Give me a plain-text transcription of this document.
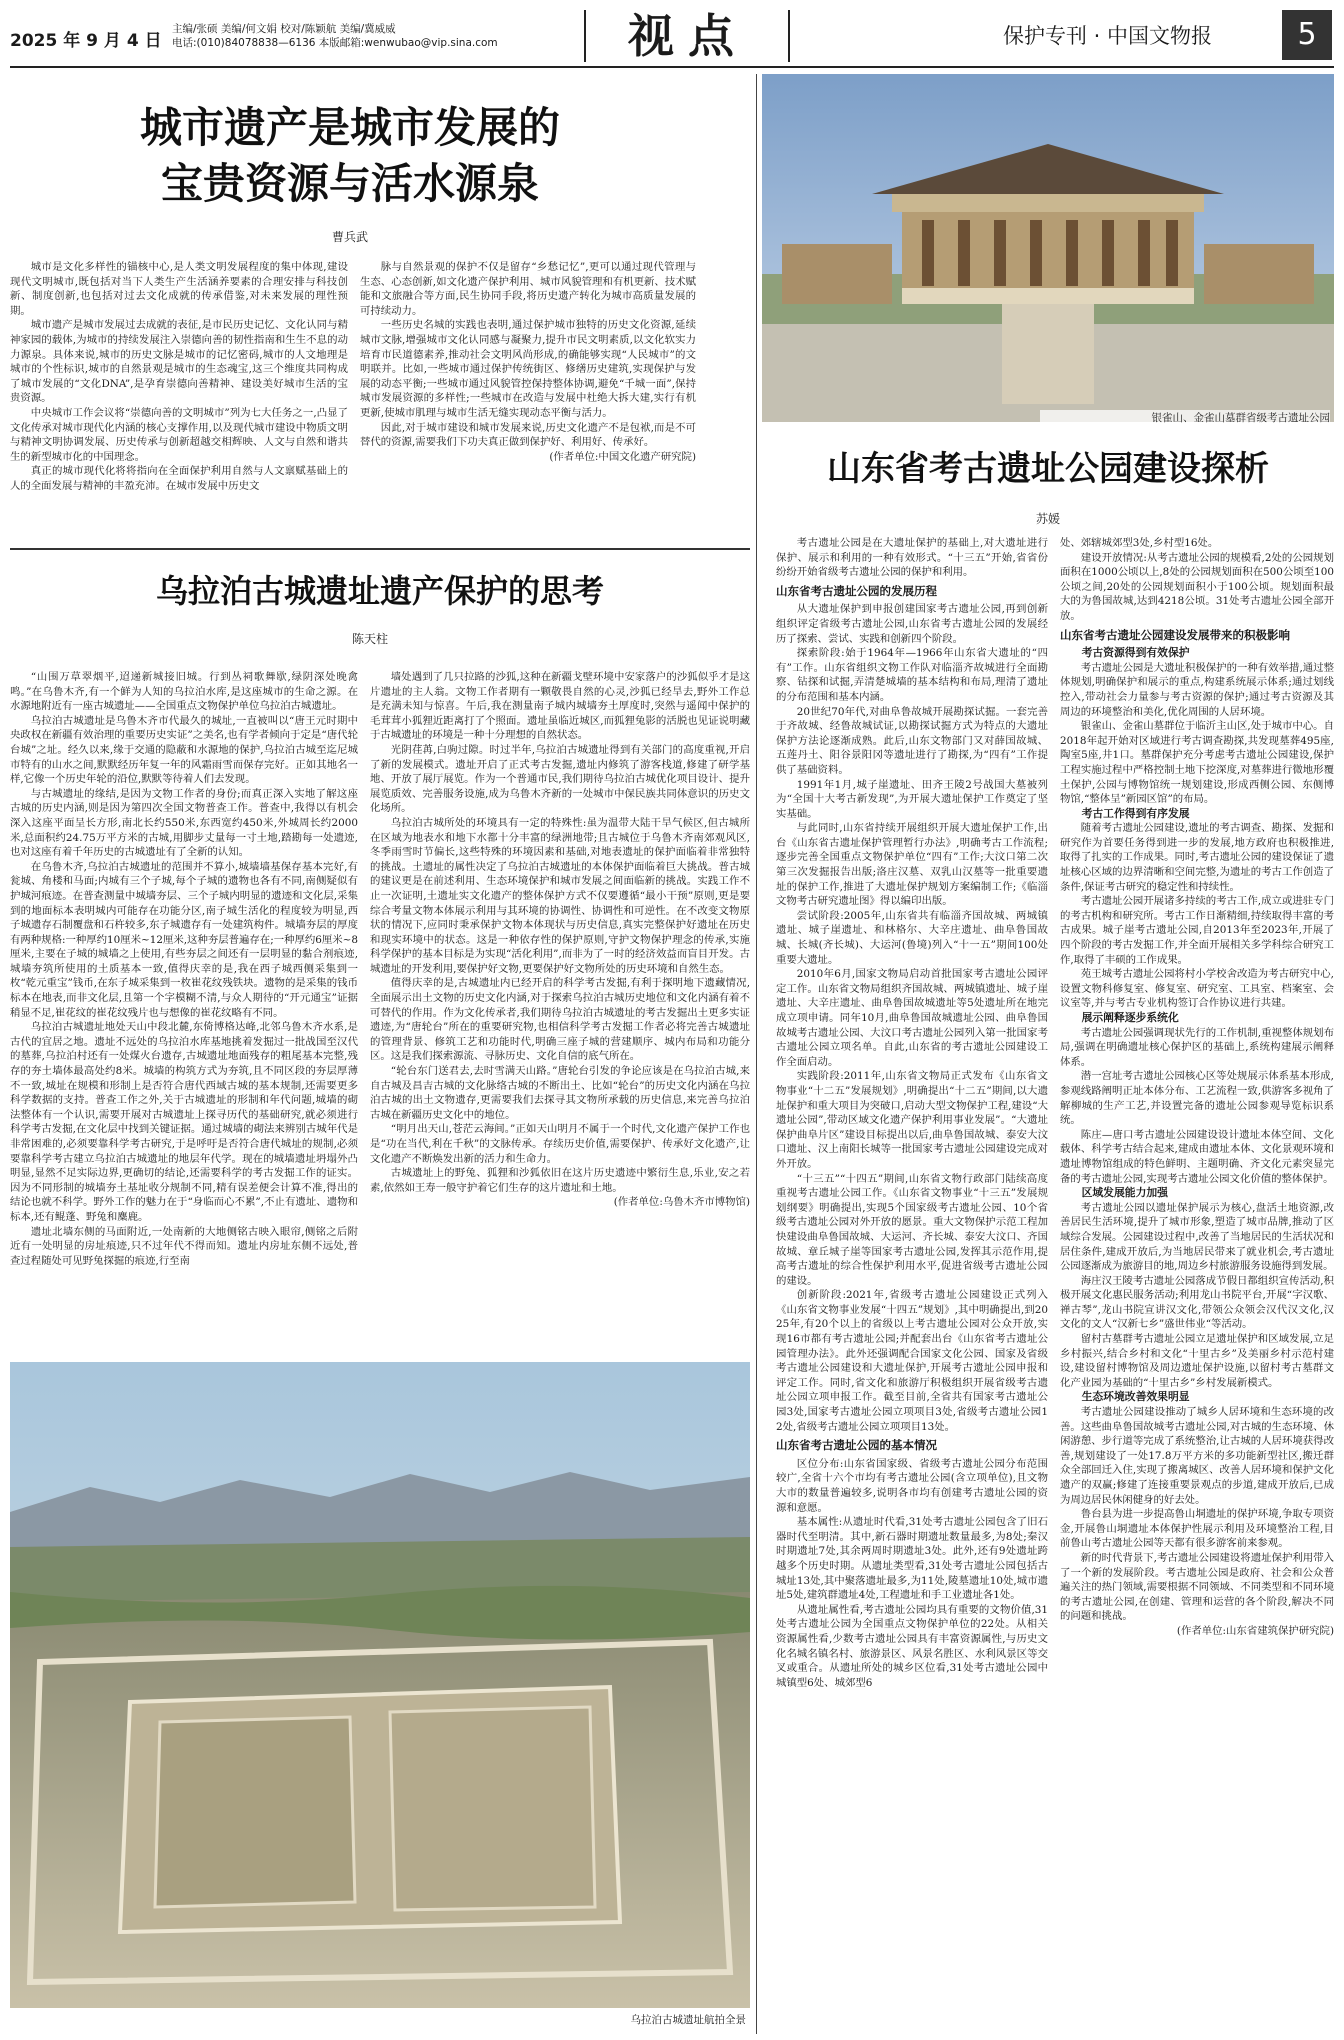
2025 年 9 月 4 日
主编/张硕 美编/何文娟 校对/陈颖航 美编/冀威威
电话:(010)84078838—6136 本版邮箱:wenwubao@vip.sina.com	视点	保护专刊 · 中国文物报	5
城市遗产是城市发展的
宝贵资源与活水源泉
曹兵武

城市是文化多样性的锚核中心,是人类文明发展程度的集中体现,建设现代文明城市,既包括对当下人类生产生活涵养要素的合理安排与科技创新、制度创新,也包括对过去文化成就的传承借鉴,对未来发展的理性预期。

城市遗产是城市发展过去成就的表征,是市民历史记忆、文化认同与精神家园的载体,为城市的持续发展注入崇德向善的韧性指南和生生不息的动力源泉。具体来说,城市的历史文脉是城市的记忆密码,城市的人文地理是城市的个性标识,城市的自然景观是城市的生态魂宝,这三个维度共同构成了城市发展的“文化DNA”,是孕育崇德向善精神、建设美好城市生活的宝贵资源。

中央城市工作会议将“崇德向善的文明城市”列为七大任务之一,凸显了文化传承对城市现代化内涵的核心支撑作用,以及现代城市建设中物质文明与精神文明协调发展、历史传承与创新超越交相辉映、人文与自然和谐共生的新型城市化的中国理念。

真正的城市现代化将将指向在全面保护利用自然与人文禀赋基础上的人的全面发展与精神的丰盈充沛。在城市发展中历史文

脉与自然景观的保护不仅是留存“乡愁记忆”,更可以通过现代管理与生态、心态创新,如文化遗产保护利用、城市风貌管理和有机更新、技术赋能和文旅融合等方面,民生协同手段,将历史遗产转化为城市高质量发展的可持续动力。

一些历史名城的实践也表明,通过保护城市独特的历史文化资源,延续城市文脉,增强城市文化认同感与凝聚力,提升市民文明素质,以文化软实力培育市民道德素养,推动社会文明风尚形成,的确能够实现“人民城市”的文明联并。比如,一些城市通过保护传统街区、修缮历史建筑,实现保护与发展的动态平衡;一些城市通过风貌管控保持整体协调,避免“千城一面”,保持城市发展资源的多样性;一些城市在改造与发展中杜绝大拆大建,实行有机更新,使城市肌理与城市生活无缝实现动态平衡与活力。

因此,对于城市建设和城市发展来说,历史文化遗产不是包袱,而是不可替代的资源,需要我们下功夫真正做到保护好、利用好、传承好。

(作者单位:中国文化遗产研究院)

乌拉泊古城遗址遗产保护的思考
陈天柱

“山围万草翠烟平,迢递新城接旧城。行到丛祠歌舞歇,绿阴深处晚禽鸣。”在乌鲁木齐,有一个鲜为人知的乌拉泊水库,是这座城市的生命之源。在水源地附近有一座古城遗址——全国重点文物保护单位乌拉泊古城遗址。

乌拉泊古城遗址是乌鲁木齐市代最久的城址,一直被叫以“唐王元时期中央政权在新疆有效治理的重要历史实证”之美名,也有学者倾向于定是“唐代轮台城”之址。经久以来,缘于交通的隐蔽和水源地的保护,乌拉泊古城至迄尼城市特有的山水之间,默默经历年复一年的风霜雨雪而保存完好。正如其地名一样,它像一个历史年轮的沿位,默默等待着人们去发现。

与古城遗址的缘结,是因为文物工作者的身份;而真正深入实地了解这座古城的历史内涵,则是因为第四次全国文物普查工作。普查中,我得以有机会深入这座平面呈长方形,南北长约550米,东西宽约450米,外城周长约2000米,总面积约24.75万平方米的古城,用脚步丈量每一寸土地,踏勘每一处遗迹,也对这座有着千年历史的古城遗址有了全新的认知。

在乌鲁木齐,乌拉泊古城遗址的范围并不算小,城墙墙基保存基本完好,有瓮城、角楼和马面;内城有三个子城,每个子城的遗物也各有不同,南侧疑似有护城河痕迹。在普查测量中城墙夯层、三个子城内明显的遗迹和文化层,采集到的地面标本表明城内可能存在功能分区,南子城生活化的程度较为明显,西子城遗存石制覆盘和石杵较多,东子城遗存有一处建筑构件。城墙夯层的厚度有两种规格:一种厚约10厘米~12厘米,这种夯层普遍存在;一种厚约6厘米~8厘米,主要在子城的城墙之上使用,有些夯层之间还有一层明显的黏合剂痕迹,城墙夯筑所使用的土质基本一致,值得庆幸的是,我在西子城西侧采集到一枚“乾元重宝”钱币,在东子城采集到一枚崔花纹残铁块。遗物的是采集的钱币标本在地表,而非文化层,且第一个字模糊不清,与众人期待的“开元通宝”证据稍显不足,崔花纹的崔花纹残片也与想像的崔花纹略有不同。

乌拉泊古城遗址地处天山中段北麓,东倚博格达峰,北邻乌鲁木齐水系,是古代的宜居之地。遗址不远处的乌拉泊水库基地挑着发掘过一批战国至汉代的墓葬,乌拉泊村还有一处煤火台遗存,古城遗址地面残存的粗尾基本完整,残存的夯土墙体最高处约8米。城墙的构筑方式为夯筑,且不同区段的夯层厚薄不一致,城址在规模和形制上是否符合唐代西域古城的基本规制,还需要更多科学数据的支持。普查工作之外,关于古城遗址的形制和年代问题,城墙的砌法整体有一个认识,需要开展对古城遗址上探寻历代的基础研究,就必须进行科学考古发掘,在文化层中找到关键证据。通过城墙的砌法来辨别古城年代是非常困难的,必须要靠科学考古研究,于是呼吁是否符合唐代城址的规制,必须要靠科学考古建立乌拉泊古城遗址的地层年代学。现在的城墙遗址坍塌外凸明显,显然不足实际边界,更确切的结论,还需要科学的考古发掘工作的证实。因为不同形制的城墙夯土基址收分规制不同,精有误差便会计算不准,得出的结论也就不科学。野外工作的魅力在于“身临而心不累”,不止有遗址、遗物和标本,还有鲲蓬、野兔和麋鹿。

遗址北墙东侧的马面附近,一处南新的大地侧铭古映入眼帘,侧铭之后附近有一处明显的房址痕迹,只不过年代不得而知。遗址内房址东侧不远处,普查过程随处可见野兔探掘的痕迹,行至南

墙处遇到了几只拉路的沙狐,这种在新疆戈壁环境中安家落户的沙狐似乎才是这片遗址的主人翁。文物工作者期有一颗敬畏自然的心灵,沙狐已经旱去,野外工作总是充满未知与惊喜。午后,我在测量南子城内城墙夯土厚度时,突然与遥闻中保护的毛茸茸小狐狸近距离打了个照面。遗址虽临近城区,而狐狸兔影的活脱也见证说明藏于古城遗址的环境是一种十分理想的自然状态。

光阴荏苒,白驹过隙。时过半年,乌拉泊古城遗址得到有关部门的高度重视,开启了新的发展模式。遗址开启了正式考古发掘,遗址内修筑了游客栈道,修建了研学基地、开放了展厅展览。作为一个普通市民,我们期待乌拉泊古城优化项目设计、提升展览质效、完善服务设施,成为乌鲁木齐新的一处城市中保民族共同体意识的历史文化场所。

乌拉泊古城所处的环境具有一定的特殊性:虽为温带大陆干旱气候区,但古城所在区域为地表水和地下水都十分丰富的绿洲地带;且古城位于乌鲁木齐南郊观风区,冬季雨雪时节偏长,这些特殊的环境因素和基础,对地表遗址的保护面临着非常独特的挑战。土遗址的属性决定了乌拉泊古城遗址的本体保护面临着巨大挑战。普古城的建议更是在前述利用、生态环境保护和城市发展之间面临新的挑战。实践工作不止一次证明,土遗址实文化遗产的整体保护方式不仅要遵循“最小干预”原则,更是要综合考量文物本体展示利用与其环境的协调性、协调性和可逆性。在不改变文物原状的情况下,应同时秉承保护文物本体现状与历史信息,真实完整保护好遗址在历史和现实环境中的状态。这是一种依存性的保护原则,守护文物保护理念的传承,实施科学保护的基本目标是为实现“活化利用”,而非为了一时的经济效益而盲目开发。古城遗址的开发利用,要保护好文物,更要保护好文物所处的历史环境和自然生态。

值得庆幸的是,古城遗址内已经开启的科学考古发掘,有利于探明地下遗藏情况,全面展示出土文物的历史文化内涵,对于探索乌拉泊古城历史地位和文化内涵有着不可替代的作用。作为文化传承者,我们期待乌拉泊古城遗址的考古发掘出土更多实证遗迹,为“唐轮台”所在的重要研究物,也相信科学考古发掘工作者必将完善古城遗址的管理背景、修筑工艺和功能时代,明确三座子城的营建顺序、城内布局和功能分区。这是我们探索源流、寻脉历史、文化自信的底气所在。

“轮台东门送君去,去时雪满天山路。”唐轮台引发的争论应该是在乌拉泊古城,来自古城及昌吉古城的文化脉络古城的不断出土、比如“轮台”的历史文化内涵在乌拉泊古城的出土文物遗存,更需要我们去探寻其文物所承载的历史信息,来完善乌拉泊古城在新疆历史文化中的地位。

“明月出天山,苍茫云海间。”正如天山明月不属于一个时代,文化遗产保护工作也是“功在当代,利在千秋”的文脉传承。存续历史价值,需要保护、传承好文化遗产,让文化遗产不断焕发出新的活力和生命力。

古城遗址上的野兔、狐狸和沙狐依旧在这片历史遗迹中繁衍生息,乐业,安之若素,依然如王寿一般守护着它们生存的这片遗址和土地。

(作者单位:乌鲁木齐市博物馆)

乌拉泊古城遗址航拍全景
银雀山、金雀山墓群省级考古遗址公园
山东省考古遗址公园建设探析
苏媛

考古遗址公园是在大遗址保护的基础上,对大遗址进行保护、展示和利用的一种有效形式。“十三五”开始,省省份纷纷开始省级考古遗址公园的保护和利用。

山东省考古遗址公园的发展历程

从大遗址保护到申报创建国家考古遗址公园,再到创新组织评定省级考古遗址公园,山东省考古遗址公园的发展经历了探索、尝试、实践和创新四个阶段。

探索阶段:始于1964年—1966年山东省大遗址的“四有”工作。山东省组织文物工作队对临淄齐故城进行全面勘察、钻探和试掘,弄清楚城墙的基本结构和布局,理清了遗址的分布范围和基本内涵。

20世纪70年代,对曲阜鲁故城开展勘探试掘。一套完善于齐故城、经鲁故城试证,以勘探试掘方式为特点的大遗址保护方法论逐渐成熟。此后,山东文物部门又对薛国故城、五莲丹土、阳谷景阳冈等遗址进行了勘探,为“四有”工作提供了基础资料。

1991年1月,城子崖遗址、田齐王陵2号战国大墓被列为“全国十大考古新发现”,为开展大遗址保护工作奠定了坚实基础。

与此同时,山东省持续开展组织开展大遗址保护工作,出台《山东省古遗址保护管理暂行办法》,明确考古工作流程;逐步完善全国重点文物保护单位“四有”工作;大汶口第二次第三次发掘报告出版;洛庄汉墓、双乳山汉墓等一批重要遗址的保护工作,推进了大遗址保护规划方案编制工作;《临淄文物考古研究遗址图》得以编印出版。

尝试阶段:2005年,山东省共有临淄齐国故城、两城镇遗址、城子崖遗址、和林格尔、大辛庄遗址、曲阜鲁国故城、长城(齐长城)、大运河(鲁境)列入“十一五”期间100处重要大遗址。

2010年6月,国家文物局启动首批国家考古遗址公园评定工作。山东省文物局组织齐国故城、两城镇遗址、城子崖遗址、大辛庄遗址、曲阜鲁国故城遗址等5处遗址所在地完成立项申请。同年10月,曲阜鲁国故城遗址公园、曲阜鲁国故城考古遗址公园、大汶口考古遗址公园列入第一批国家考古遗址公园立项名单。自此,山东省的考古遗址公园建设工作全面启动。

实践阶段:2011年,山东省文物局正式发布《山东省文物事业“十二五”发展规划》,明确提出“十二五”期间,以大遗址保护和重大项目为突破口,启动大型文物保护工程,建设“大遗址公园”,带动区域文化遗产保护利用事业发展”。“大遗址保护曲阜片区”建设目标提出以后,曲阜鲁国故城、泰安大汶口遗址、汉上南阳长城等一批国家考古遗址公园建设完成对外开放。

“十三五”“十四五”期间,山东省文物行政部门陆续高度重视考古遗址公园工作。《山东省文物事业“十三五”发展规划纲要》明确提出,实现5个国家级考古遗址公园、10个省级考古遗址公园对外开放的愿景。重大文物保护示范工程加快建设曲阜鲁国故城、大运河、齐长城、泰安大汶口、齐国故城、章丘城子崖等国家考古遗址公园,发挥其示范作用,提高考古遗址的综合性保护利用水平,促进省级考古遗址公园的建设。

创新阶段:2021年,省级考古遗址公园建设正式列入《山东省文物事业发展“十四五”规划》,其中明确提出,到2025年,有20个以上的省级以上考古遗址公园对公众开放,实现16市都有考古遗址公园;并配套出台《山东省考古遗址公园管理办法》。此外还强调配合国家文化公园、国家及省级考古遗址公园建设和大遗址保护,开展考古遗址公园申报和评定工作。同时,省文化和旅游厅积极组织开展省级考古遗址公园立项申报工作。截至目前,全省共有国家考古遗址公园3处,国家考古遗址公园立项项目3处,省级考古遗址公园12处,省级考古遗址公园立项项目13处。

山东省考古遗址公园的基本情况

区位分布:山东省国家级、省级考古遗址公园分布范围较广,全省十六个市均有考古遗址公园(含立项单位),且文物大市的数量普遍较多,说明各市均有创建考古遗址公园的资源和意愿。

基本属性:从遗址时代看,31处考古遗址公园包含了旧石器时代至明清。其中,新石器时期遗址数量最多,为8处;秦汉时期遗址7处,其余两周时期遗址3处。此外,还有9处遗址跨越多个历史时期。从遗址类型看,31处考古遗址公园包括古城址13处,其中聚落遗址最多,为11处,陵墓遗址10处,城市遗址5处,建筑群遗址4处,工程遗址和手工业遗址各1处。

从遗址属性看,考古遗址公园均具有重要的文物价值,31处考古遗址公园为全国重点文物保护单位的22处。从相关资源属性看,少数考古遗址公园具有丰富资源属性,与历史文化名城名镇名村、旅游景区、风景名胜区、水利风景区等交叉或重合。从遗址所处的城乡区位看,31处考古遗址公园中城镇型6处、城郊型6

处、郊辖城郊型3处,乡村型16处。

建设开放情况:从考古遗址公园的规模看,2处的公园规划面积在1000公顷以上,8处的公园规划面积在500公顷至100公顷之间,20处的公园规划面积小于100公顷。规划面积最大的为鲁国故城,达到4218公顷。31处考古遗址公园全部开放。

山东省考古遗址公园建设发展带来的积极影响
考古资源得到有效保护

考古遗址公园是大遗址积极保护的一种有效举措,通过整体规划,明确保护和展示的重点,构建系统展示体系;通过划线控入,带动社会力量参与考古资源的保护;通过考古资源及其周边的环境整治和美化,优化周围的人居环境。

银雀山、金雀山墓群位于临沂主山区,处于城市中心。自2018年起开始对区域进行考古调查勘探,共发现墓葬495座,陶室5座,井1口。墓群保护充分考虑考古遗址公园建设,保护工程实施过程中严格控制土地下挖深度,对墓葬进行微地形覆土保护,公园与博物馆统一规划建设,形成西侧公园、东侧博物馆,“整体呈”新园区馆”的布局。

考古工作得到有序发展

随着考古遗址公园建设,遗址的考古调查、勘探、发掘和研究作为首要任务得到进一步的发展,地方政府也积极推进,取得了扎实的工作成果。同时,考古遗址公园的建设保证了遗址核心区域的边界清晰和空间完整,为遗址的考古工作创造了条件,保证考古研究的稳定性和持续性。

考古遗址公园开展诸多持续的考古工作,成立或进驻专门的考古机构和研究所。考古工作日渐精细,持续取得丰富的考古成果。城子崖考古遗址公园,自2013年至2023年,开展了四个阶段的考古发掘工作,并全面开展相关多学科综合研究工作,取得了丰硕的工作成果。

苑王城考古遗址公园将村小学校舍改造为考古研究中心,设置文物科修复室、修复室、研究室、工具室、档案室、会议室等,并与考古专业机构签订合作协议进行共建。

展示阐释逐步系统化

考古遗址公园强调现状先行的工作机制,重视整体规划布局,强调在明确遗址核心保护区的基础上,系统构建展示阐释体系。

潜一宫址考古遗址公园核心区等处规展示体系基本形成,参观线路阐明正址本体分布、工艺流程一致,供游客多视角了解柳城的生产工艺,并设置完备的遗址公园参观导览标识系统。

陈庄—唐口考古遗址公园建设设计遗址本体空间、文化载体、科学考古结合起来,建成由遗址本体、文化景观环境和遗址博物馆组成的特色鲜明、主题明确、齐文化元素突显完备的考古遗址公园,实现考古遗址公园文化价值的整体保护。

区域发展能力加强

考古遗址公园以遗址保护展示为核心,盘活土地资源,改善居民生活环境,提升了城市形象,塑造了城市品牌,推动了区域综合发展。公园建设过程中,改善了当地居民的生活状况和居住条件,建成开放后,为当地居民带来了就业机会,考古遗址公园逐渐成为旅游目的地,周边乡村旅游服务设施得到发展。

海庄汉王陵考古遗址公园落成节假日都组织宣传活动,积极开展文化惠民服务活动;利用龙山书院平台,开展“字汉歌、禅古琴”,龙山书院宣讲汉文化,带领公众领会汉代汉文化,汉文化的文人“汉新七乡”盛世伟业“等活动。

留村古墓群考古遗址公园立足遗址保护和区域发展,立足乡村振兴,结合乡村和文化“十里古乡”及美丽乡村示范村建设,建设留村博物馆及周边遗址保护设施,以留村考古墓群文化产业园为基础的“十里古乡”乡村发展新模式。

生态环境改善效果明显

考古遗址公园建设推动了城乡人居环境和生态环境的改善。这些曲阜鲁国故城考古遗址公园,对古城的生态环境、休闲游憩、步行道等完成了系统整治,让古城的人居环境获得改善,规划建设了一处17.8万平方米的多功能新型社区,搬迁群众全部回迁入住,实现了搬离城区、改善人居环境和保护文化遗产的双赢;修建了连接重要景观点的步道,建成开放后,已成为周边居民休闲健身的好去处。

鲁台县为进一步提高鲁山垌遗址的保护环境,争取专项资金,开展鲁山垌遗址本体保护性展示利用及环境整治工程,目前鲁山考古遗址公园等天都有很多游客前来参观。

新的时代背景下,考古遗址公园建设将遗址保护利用带入了一个新的发展阶段。考古遗址公园是政府、社会和公众普遍关注的热门领域,需要根据不同领域、不同类型和不同环境的考古遗址公园,在创建、管理和运营的各个阶段,解决不同的问题和挑战。

(作者单位:山东省建筑保护研究院)
